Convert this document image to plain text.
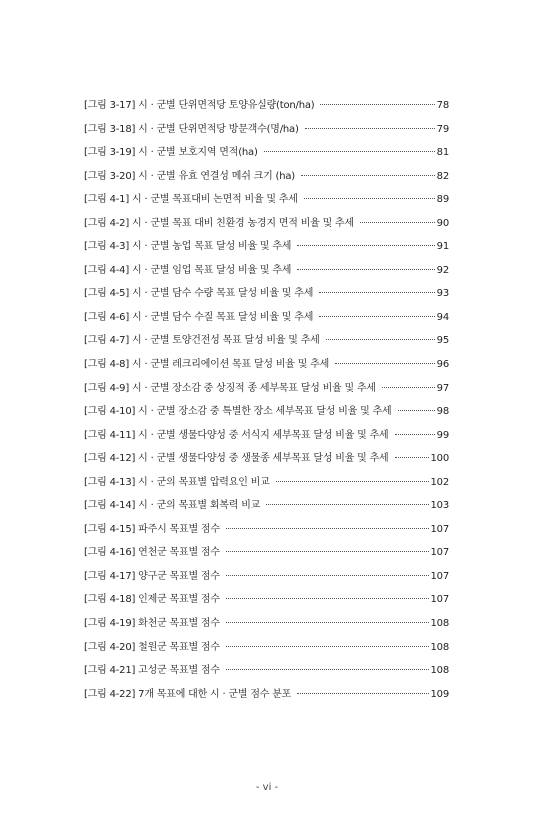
[그림 3-17] 시 · 군별 단위면적당 토양유실량(ton/ha)	78
[그림 3-18] 시 · 군별 단위면적당 방문객수(명/ha)	79
[그림 3-19] 시 · 군별 보호지역 면적(ha)	81
[그림 3-20] 시 · 군별 유효 연결성 메쉬 크기 (ha)	82
[그림 4-1] 시 · 군별 목표대비 논면적 비율 및 추세	89
[그림 4-2] 시 · 군별 목표 대비 친환경 농경지 면적 비율 및 추세	90
[그림 4-3] 시 · 군별 농업 목표 달성 비율 및 추세	91
[그림 4-4] 시 · 군별 임업 목표 달성 비율 및 추세	92
[그림 4-5] 시 · 군별 담수 수량 목표 달성 비율 및 추세	93
[그림 4-6] 시 · 군별 담수 수질 목표 달성 비율 및 추세	94
[그림 4-7] 시 · 군별 토양건전성 목표 달성 비율 및 추세	95
[그림 4-8] 시 · 군별 레크리에이션 목표 달성 비율 및 추세	96
[그림 4-9] 시 · 군별 장소감 중 상징적 종 세부목표 달성 비율 및 추세	97
[그림 4-10] 시 · 군별 장소감 중 특별한 장소 세부목표 달성 비율 및 추세	98
[그림 4-11] 시 · 군별 생물다양성 중 서식지 세부목표 달성 비율 및 추세	99
[그림 4-12] 시 · 군별 생물다양성 중 생물종 세부목표 달성 비율 및 추세	100
[그림 4-13] 시 · 군의 목표별 압력요인 비교	102
[그림 4-14] 시 · 군의 목표별 회복력 비교	103
[그림 4-15] 파주시 목표별 점수	107
[그림 4-16] 연천군 목표별 점수	107
[그림 4-17] 양구군 목표별 점수	107
[그림 4-18] 인제군 목표별 점수	107
[그림 4-19] 화천군 목표별 점수	108
[그림 4-20] 철원군 목표별 점수	108
[그림 4-21] 고성군 목표별 점수	108
[그림 4-22] 7개 목표에 대한 시 · 군별 점수 분포	109
- vi -
